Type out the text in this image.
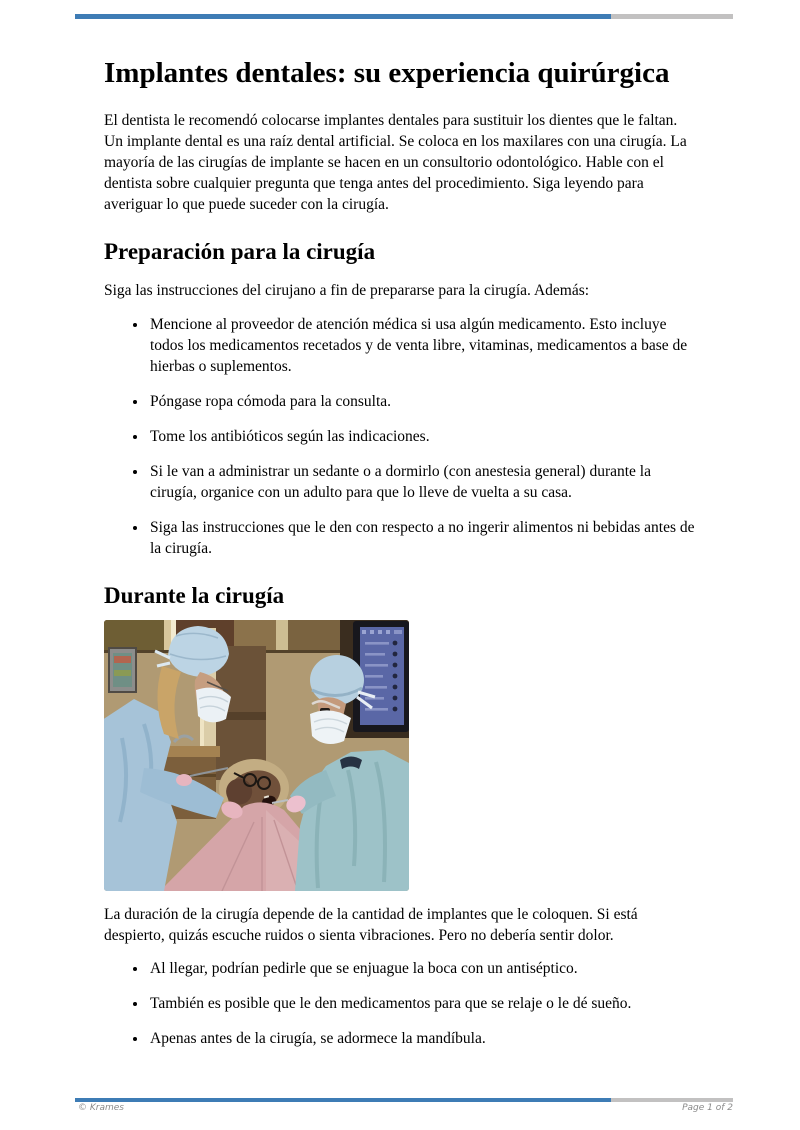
Implantes dentales: su experiencia quirúrgica

El dentista le recomendó colocarse implantes dentales para sustituir los dientes que le faltan. Un implante dental es una raíz dental artificial. Se coloca en los maxilares con una cirugía. La mayoría de las cirugías de implante se hacen en un consultorio odontológico. Hable con el dentista sobre cualquier pregunta que tenga antes del procedimiento. Siga leyendo para averiguar lo que puede suceder con la cirugía.

Preparación para la cirugía

Siga las instrucciones del cirujano a fin de prepararse para la cirugía. Además:

• Mencione al proveedor de atención médica si usa algún medicamento. Esto incluye todos los medicamentos recetados y de venta libre, vitaminas, medicamentos a base de hierbas o suplementos.
• Póngase ropa cómoda para la consulta.
• Tome los antibióticos según las indicaciones.
• Si le van a administrar un sedante o a dormirlo (con anestesia general) durante la cirugía, organice con un adulto para que lo lleve de vuelta a su casa.
• Siga las instrucciones que le den con respecto a no ingerir alimentos ni bebidas antes de la cirugía.
Durante la cirugía

La duración de la cirugía depende de la cantidad de implantes que le coloquen. Si está despierto, quizás escuche ruidos o sienta vibraciones. Pero no debería sentir dolor.

• Al llegar, podrían pedirle que se enjuague la boca con un antiséptico.
• También es posible que le den medicamentos para que se relaje o le dé sueño.
• Apenas antes de la cirugía, se adormece la mandíbula.
© Krames	Page 1 of 2
